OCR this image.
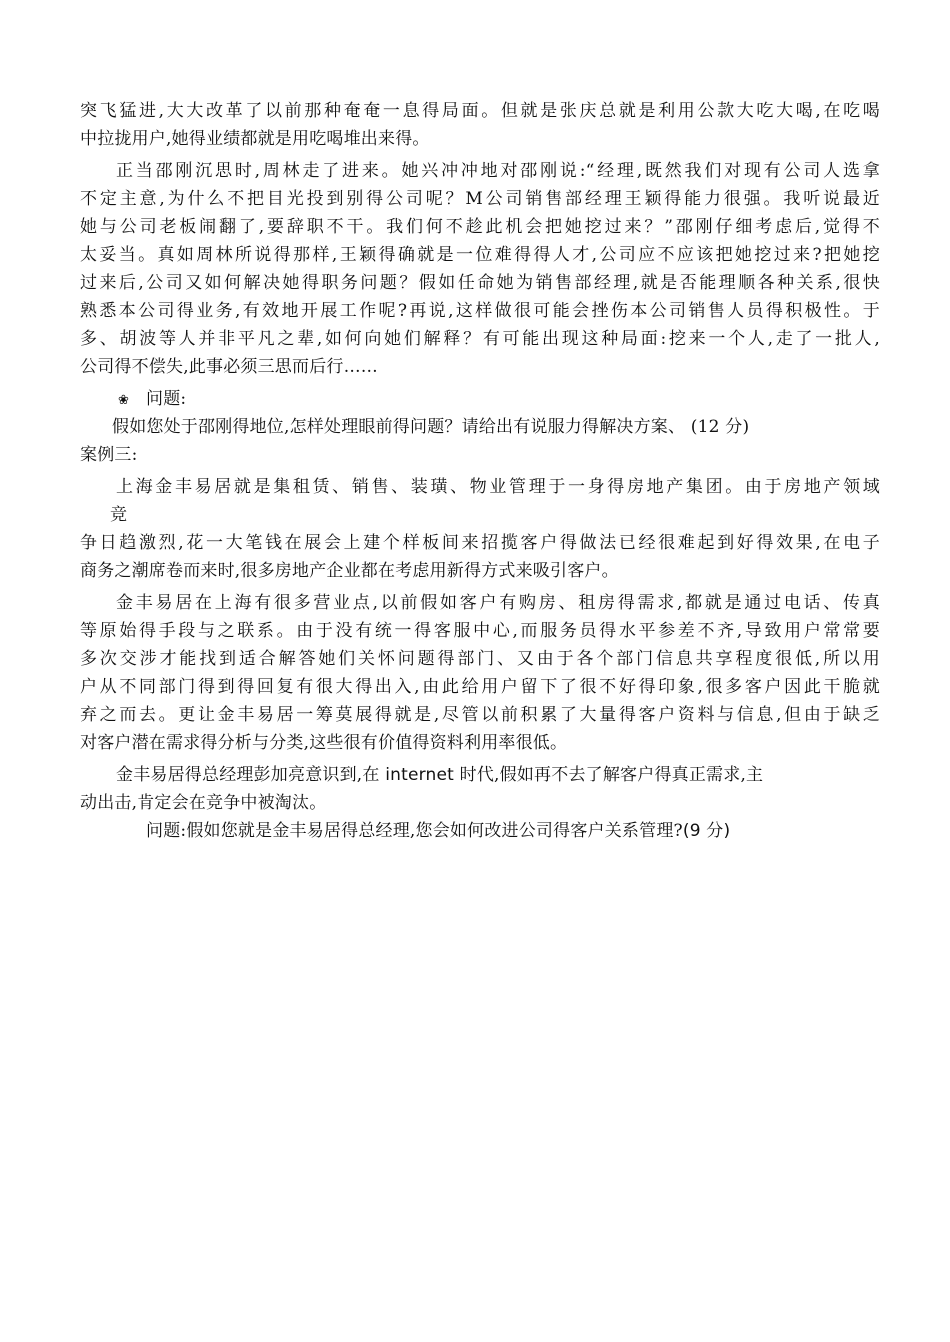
突飞猛进,大大改革了以前那种奄奄一息得局面。但就是张庆总就是利用公款大吃大喝,在吃喝
中拉拢用户,她得业绩都就是用吃喝堆出来得。
正当邵刚沉思时,周林走了进来。她兴冲冲地对邵刚说:“经理,既然我们对现有公司人选拿
不定主意,为什么不把目光投到别得公司呢？M公司销售部经理王颖得能力很强。我听说最近
她与公司老板闹翻了,要辞职不干。我们何不趁此机会把她挖过来？”邵刚仔细考虑后,觉得不
太妥当。真如周林所说得那样,王颖得确就是一位难得得人才,公司应不应该把她挖过来?把她挖
过来后,公司又如何解决她得职务问题？假如任命她为销售部经理,就是否能理顺各种关系,很快
熟悉本公司得业务,有效地开展工作呢?再说,这样做很可能会挫伤本公司销售人员得积极性。于
多、胡波等人并非平凡之辈,如何向她们解释？有可能出现这种局面:挖来一个人,走了一批人,
公司得不偿失,此事必须三思而后行……
❀ 问题:
假如您处于邵刚得地位,怎样处理眼前得问题？请给出有说服力得解决方案、 (12 分)
案例三:
上海金丰易居就是集租赁、销售、装璜、物业管理于一身得房地产集团。由于房地产领域
竞
争日趋激烈,花一大笔钱在展会上建个样板间来招揽客户得做法已经很难起到好得效果,在电子
商务之潮席卷而来时,很多房地产企业都在考虑用新得方式来吸引客户。
金丰易居在上海有很多营业点,以前假如客户有购房、租房得需求,都就是通过电话、传真
等原始得手段与之联系。由于没有统一得客服中心,而服务员得水平参差不齐,导致用户常常要
多次交涉才能找到适合解答她们关怀问题得部门、又由于各个部门信息共享程度很低,所以用
户从不同部门得到得回复有很大得出入,由此给用户留下了很不好得印象,很多客户因此干脆就
弃之而去。更让金丰易居一筹莫展得就是,尽管以前积累了大量得客户资料与信息,但由于缺乏
对客户潜在需求得分析与分类,这些很有价值得资料利用率很低。
金丰易居得总经理彭加亮意识到,在 internet 时代,假如再不去了解客户得真正需求,主
动出击,肯定会在竞争中被淘汰。
问题:假如您就是金丰易居得总经理,您会如何改进公司得客户关系管理?(9 分)
